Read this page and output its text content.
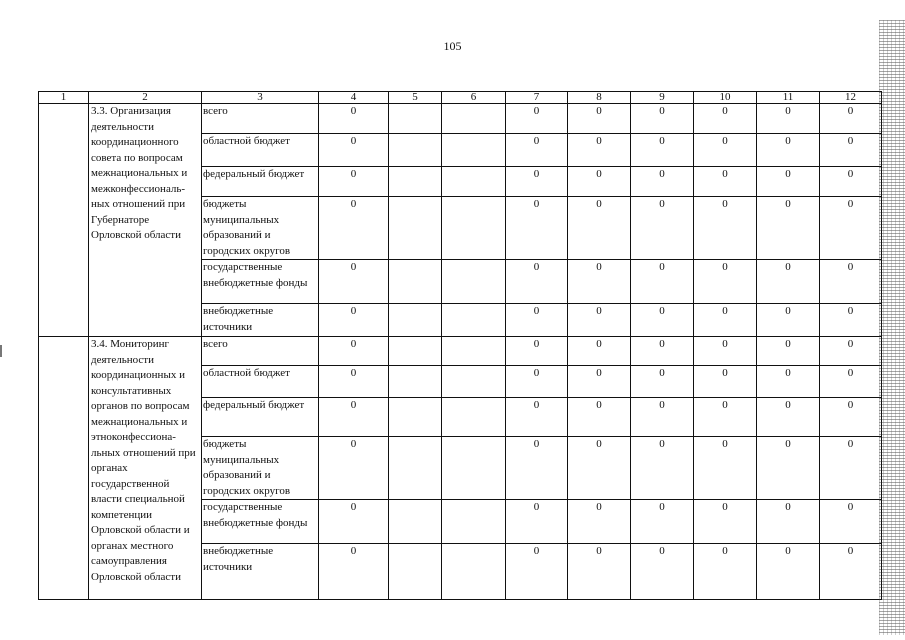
105
1	2	3	4	5	6	7	8	9	10	11	12
	3.3. Организация деятельности координационного совета по вопросам межнациональных и межконфессиональ-ных отношений при Губернаторе Орловской области	всего	0			0	0	0	0	0	0
		областной бюджет	0			0	0	0	0	0	0
		федеральный бюджет	0			0	0	0	0	0	0
		бюджеты муниципальных образований и городских округов	0			0	0	0	0	0	0
		государственные внебюджетные фонды	0			0	0	0	0	0	0
		внебюджетные источники	0			0	0	0	0	0	0
	3.4. Мониторинг деятельности координационных и консультативных органов по вопросам межнациональных и этноконфессиона-льных отношений при органах государственной власти специальной компетенции Орловской области и органах местного самоуправления Орловской области	всего	0			0	0	0	0	0	0
		областной бюджет	0			0	0	0	0	0	0
		федеральный бюджет	0			0	0	0	0	0	0
		бюджеты муниципальных образований и городских округов	0			0	0	0	0	0	0
		государственные внебюджетные фонды	0			0	0	0	0	0	0
		внебюджетные источники	0			0	0	0	0	0	0
